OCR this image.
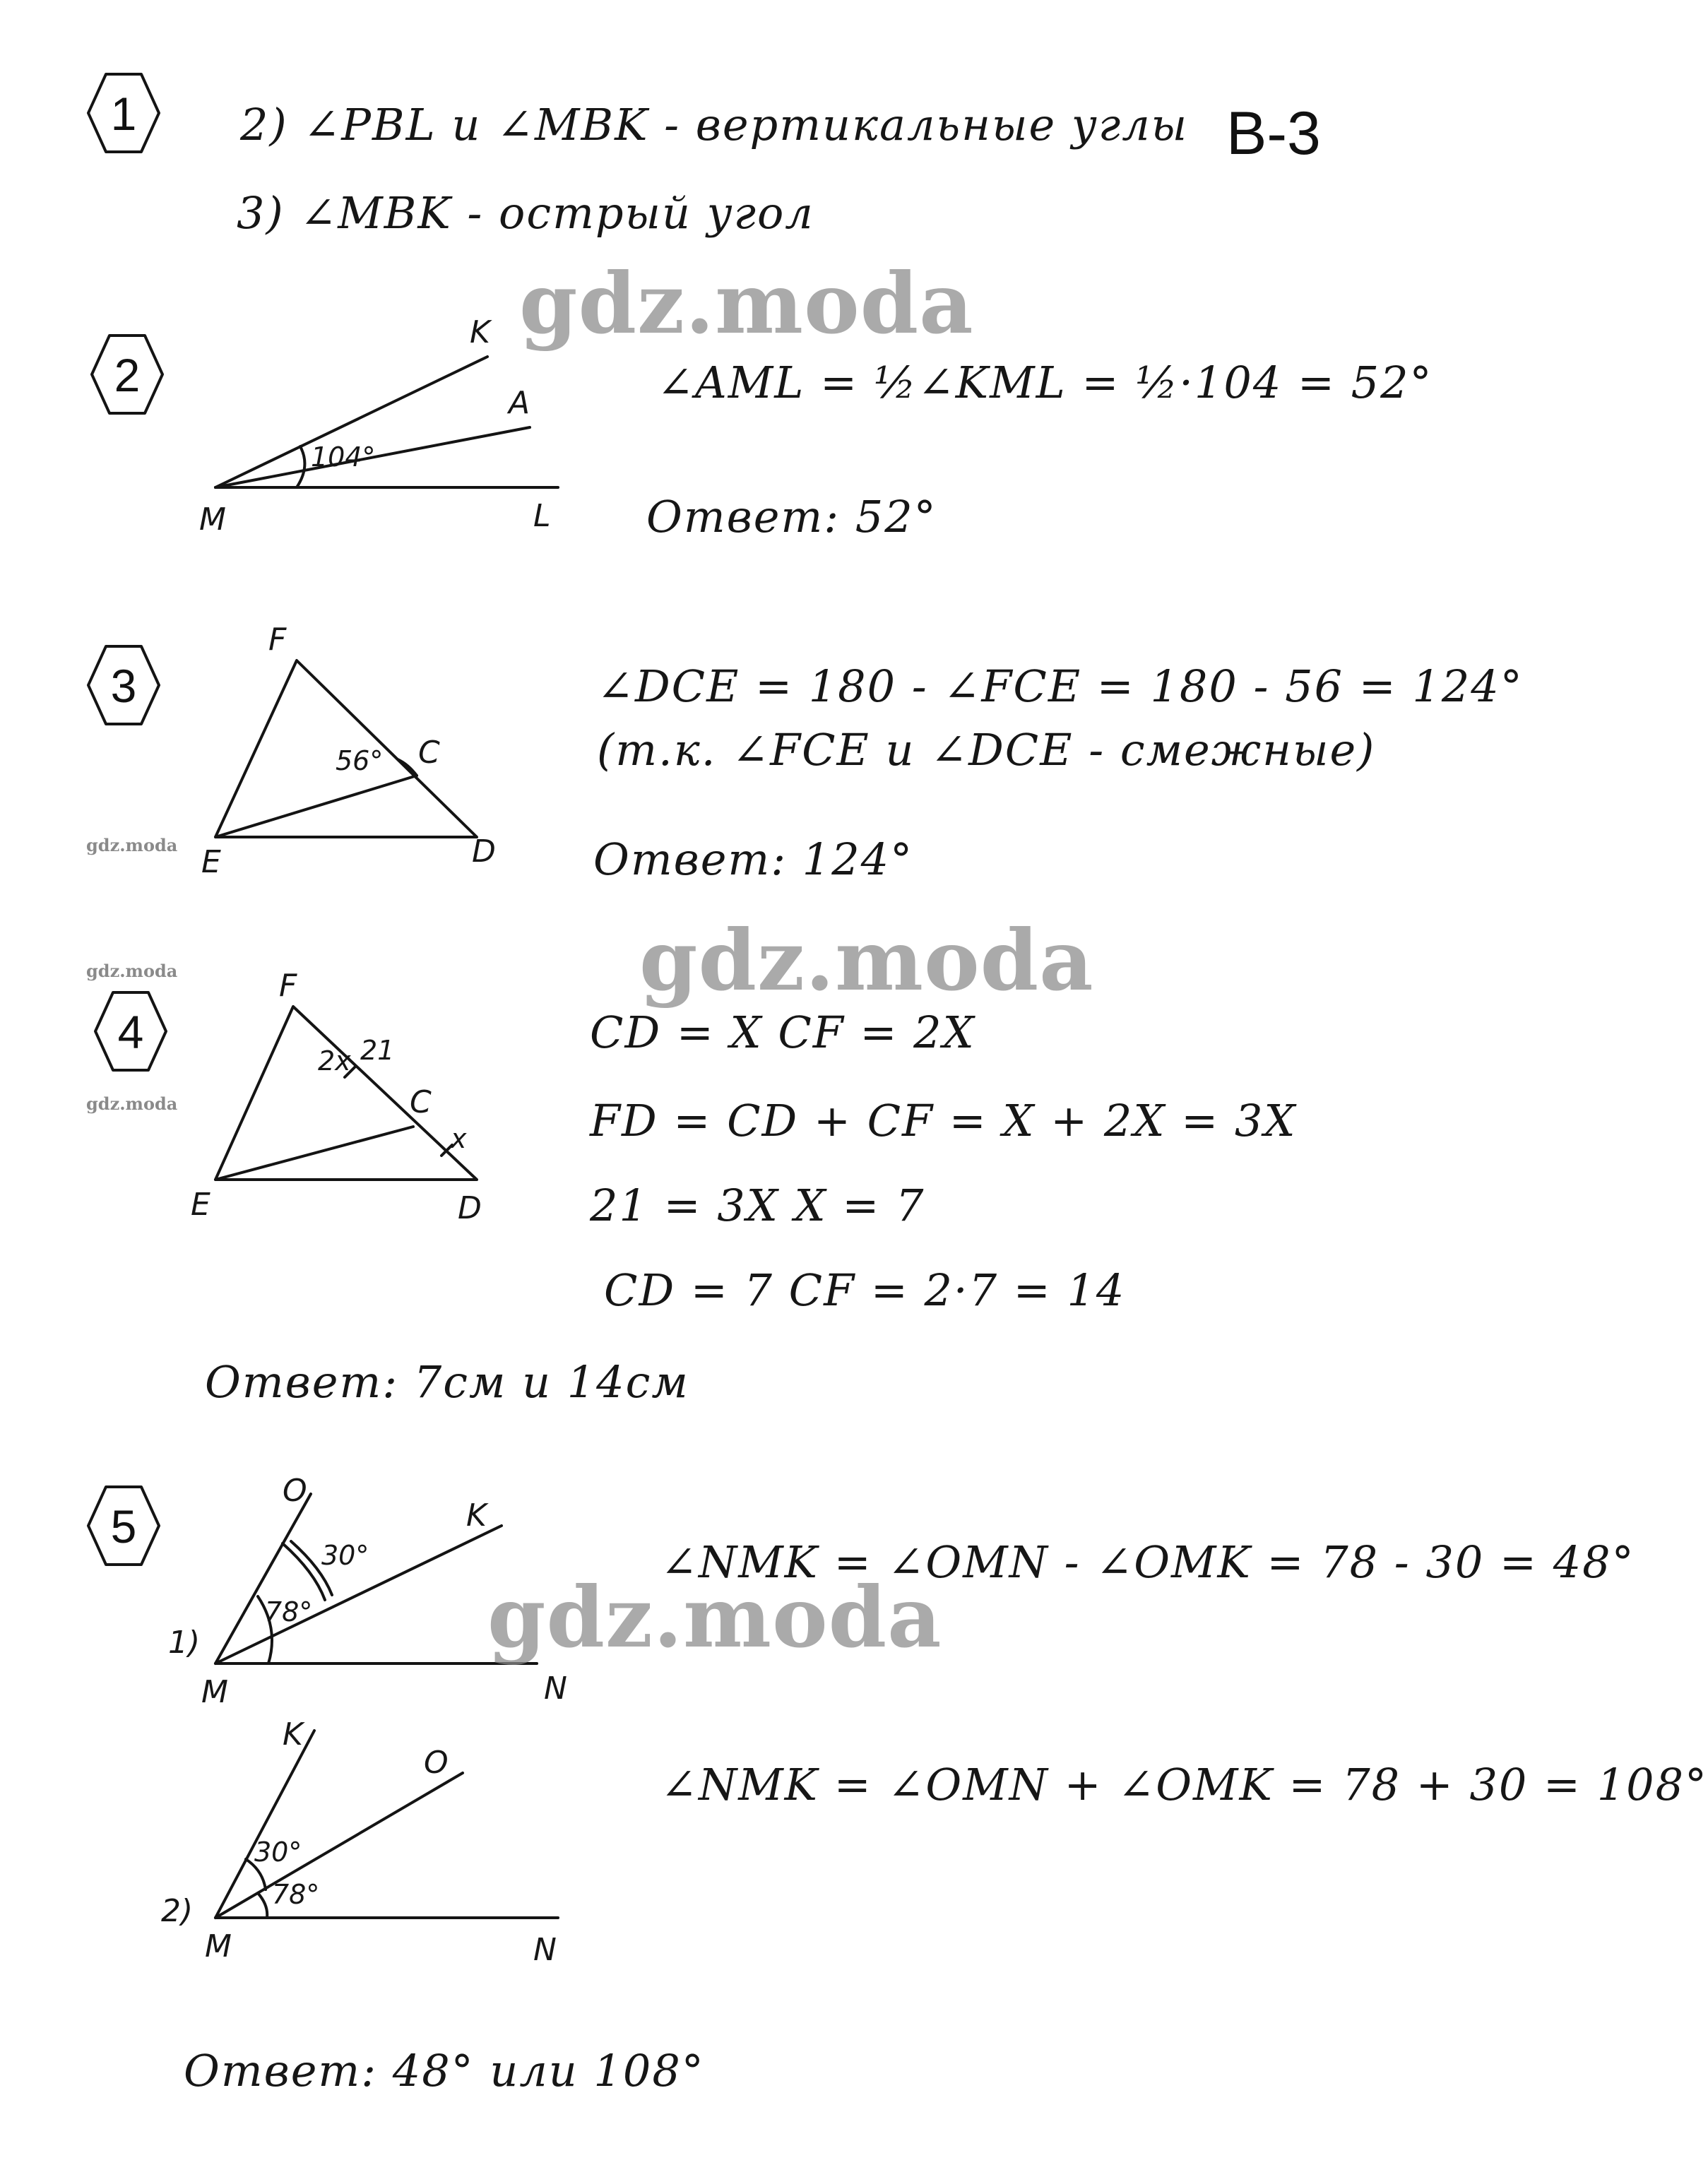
1
2
3
4
5
B-3
2) ∠PBL и ∠MBK - вертикальные углы
3) ∠MBK - острый угол
K
A
M	L
104°
∠AML = ½∠KML = ½·104 = 52°
Ответ: 52°
F
C
E	D
56°
∠DCE = 180 - ∠FCE = 180 - 56 = 124°
(т.к. ∠FCE и ∠DCE - смежные)
Ответ: 124°
F
C
E	D
2x 21
x
CD = X CF = 2X
FD = CD + CF = X + 2X = 3X
21 = 3X X = 7
CD = 7 CF = 2·7 = 14
Ответ: 7см и 14см
1)
O
K
M	N
30°
78°
∠NMK = ∠OMN - ∠OMK = 78 - 30 = 48°
2)
K
O
M	N
30°
78°
∠NMK = ∠OMN + ∠OMK = 78 + 30 = 108°
Ответ: 48° или 108°
gdz.moda
gdz.moda
gdz.moda
gdz.moda
gdz.moda
gdz.moda
